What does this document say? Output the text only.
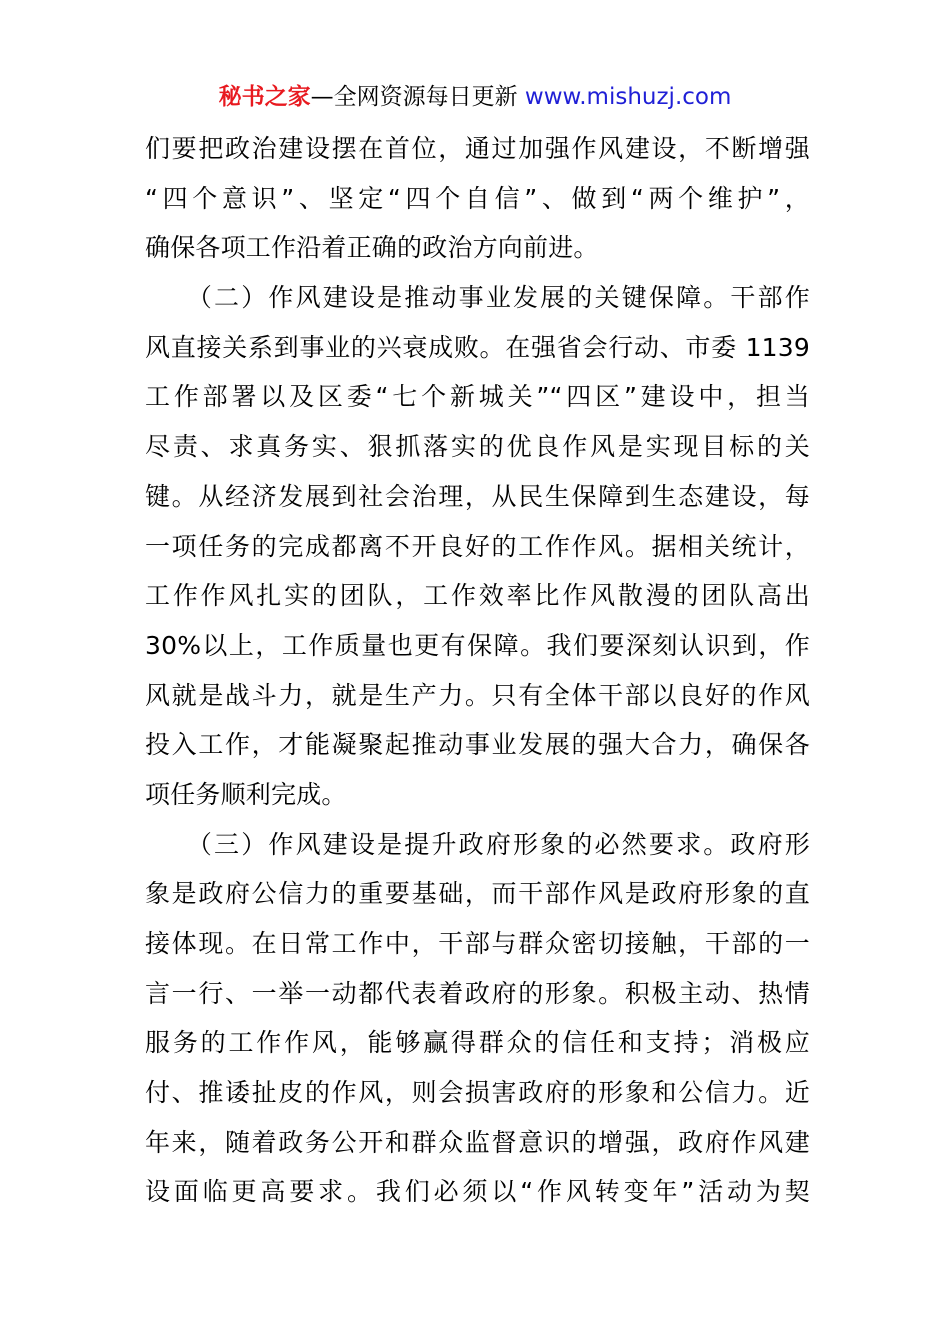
秘书之家—全网资源每日更新 www.mishuzj.com
们要把政治建设摆在首位，通过加强作风建设，不断增强
“四个意识”、坚定“四个自信”、做到“两个维护”，
确保各项工作沿着正确的政治方向前进。
　　（二）作风建设是推动事业发展的关键保障。干部作
风直接关系到事业的兴衰成败。在强省会行动、市委 1139
工作部署以及区委“七个新城关”“四区”建设中，担当
尽责、求真务实、狠抓落实的优良作风是实现目标的关
键。从经济发展到社会治理，从民生保障到生态建设，每
一项任务的完成都离不开良好的工作作风。据相关统计，
工作作风扎实的团队，工作效率比作风散漫的团队高出
30%以上，工作质量也更有保障。我们要深刻认识到，作
风就是战斗力，就是生产力。只有全体干部以良好的作风
投入工作，才能凝聚起推动事业发展的强大合力，确保各
项任务顺利完成。
　　（三）作风建设是提升政府形象的必然要求。政府形
象是政府公信力的重要基础，而干部作风是政府形象的直
接体现。在日常工作中，干部与群众密切接触，干部的一
言一行、一举一动都代表着政府的形象。积极主动、热情
服务的工作作风，能够赢得群众的信任和支持；消极应
付、推诿扯皮的作风，则会损害政府的形象和公信力。近
年来，随着政务公开和群众监督意识的增强，政府作风建
设面临更高要求。我们必须以“作风转变年”活动为契
